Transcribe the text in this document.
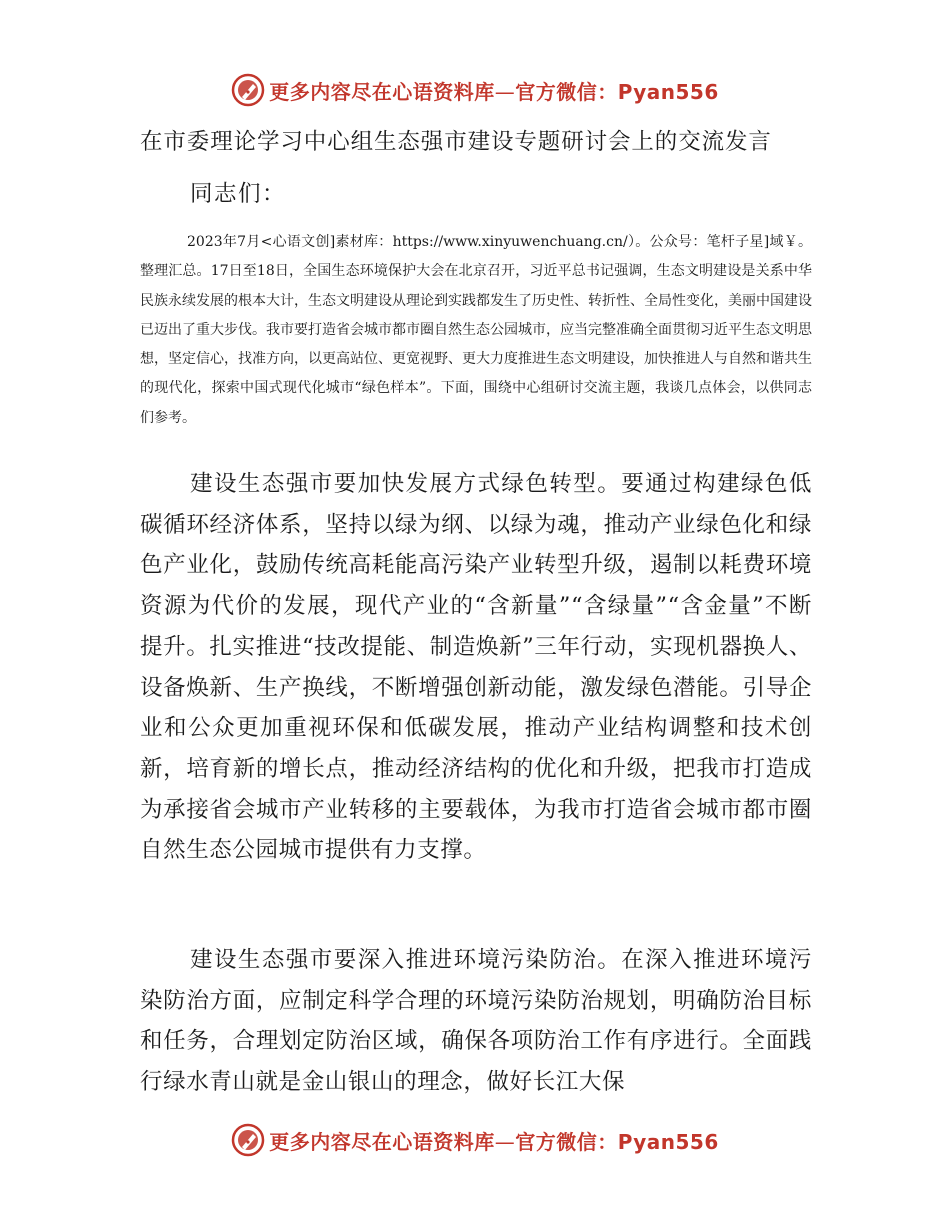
更多内容尽在心语资料库—官方微信：Pyan556
在市委理论学习中心组生态强市建设专题研讨会上的交流发言
同志们：

2023年7月<心语文创]素材库：https://www.xinyuwenchuang.cn/）。公众号：笔杆子星]域￥。整理汇总。17日至18日，全国生态环境保护大会在北京召开，习近平总书记强调，生态文明建设是关系中华民族永续发展的根本大计，生态文明建设从理论到实践都发生了历史性、转折性、全局性变化，美丽中国建设已迈出了重大步伐。我市要打造省会城市都市圈自然生态公园城市，应当完整准确全面贯彻习近平生态文明思想，坚定信心，找准方向，以更高站位、更宽视野、更大力度推进生态文明建设，加快推进人与自然和谐共生的现代化，探索中国式现代化城市“绿色样本”。下面，围绕中心组研讨交流主题，我谈几点体会，以供同志们参考。

建设生态强市要加快发展方式绿色转型。要通过构建绿色低碳循环经济体系，坚持以绿为纲、以绿为魂，推动产业绿色化和绿色产业化，鼓励传统高耗能高污染产业转型升级，遏制以耗费环境资源为代价的发展，现代产业的“含新量”“含绿量”“含金量”不断提升。扎实推进“技改提能、制造焕新”三年行动，实现机器换人、设备焕新、生产换线，不断增强创新动能，激发绿色潜能。引导企业和公众更加重视环保和低碳发展，推动产业结构调整和技术创新，培育新的增长点，推动经济结构的优化和升级，把我市打造成为承接省会城市产业转移的主要载体，为我市打造省会城市都市圈自然生态公园城市提供有力支撑。

建设生态强市要深入推进环境污染防治。在深入推进环境污染防治方面，应制定科学合理的环境污染防治规划，明确防治目标和任务，合理划定防治区域，确保各项防治工作有序进行。全面践行绿水青山就是金山银山的理念，做好长江大保

更多内容尽在心语资料库—官方微信：Pyan556
